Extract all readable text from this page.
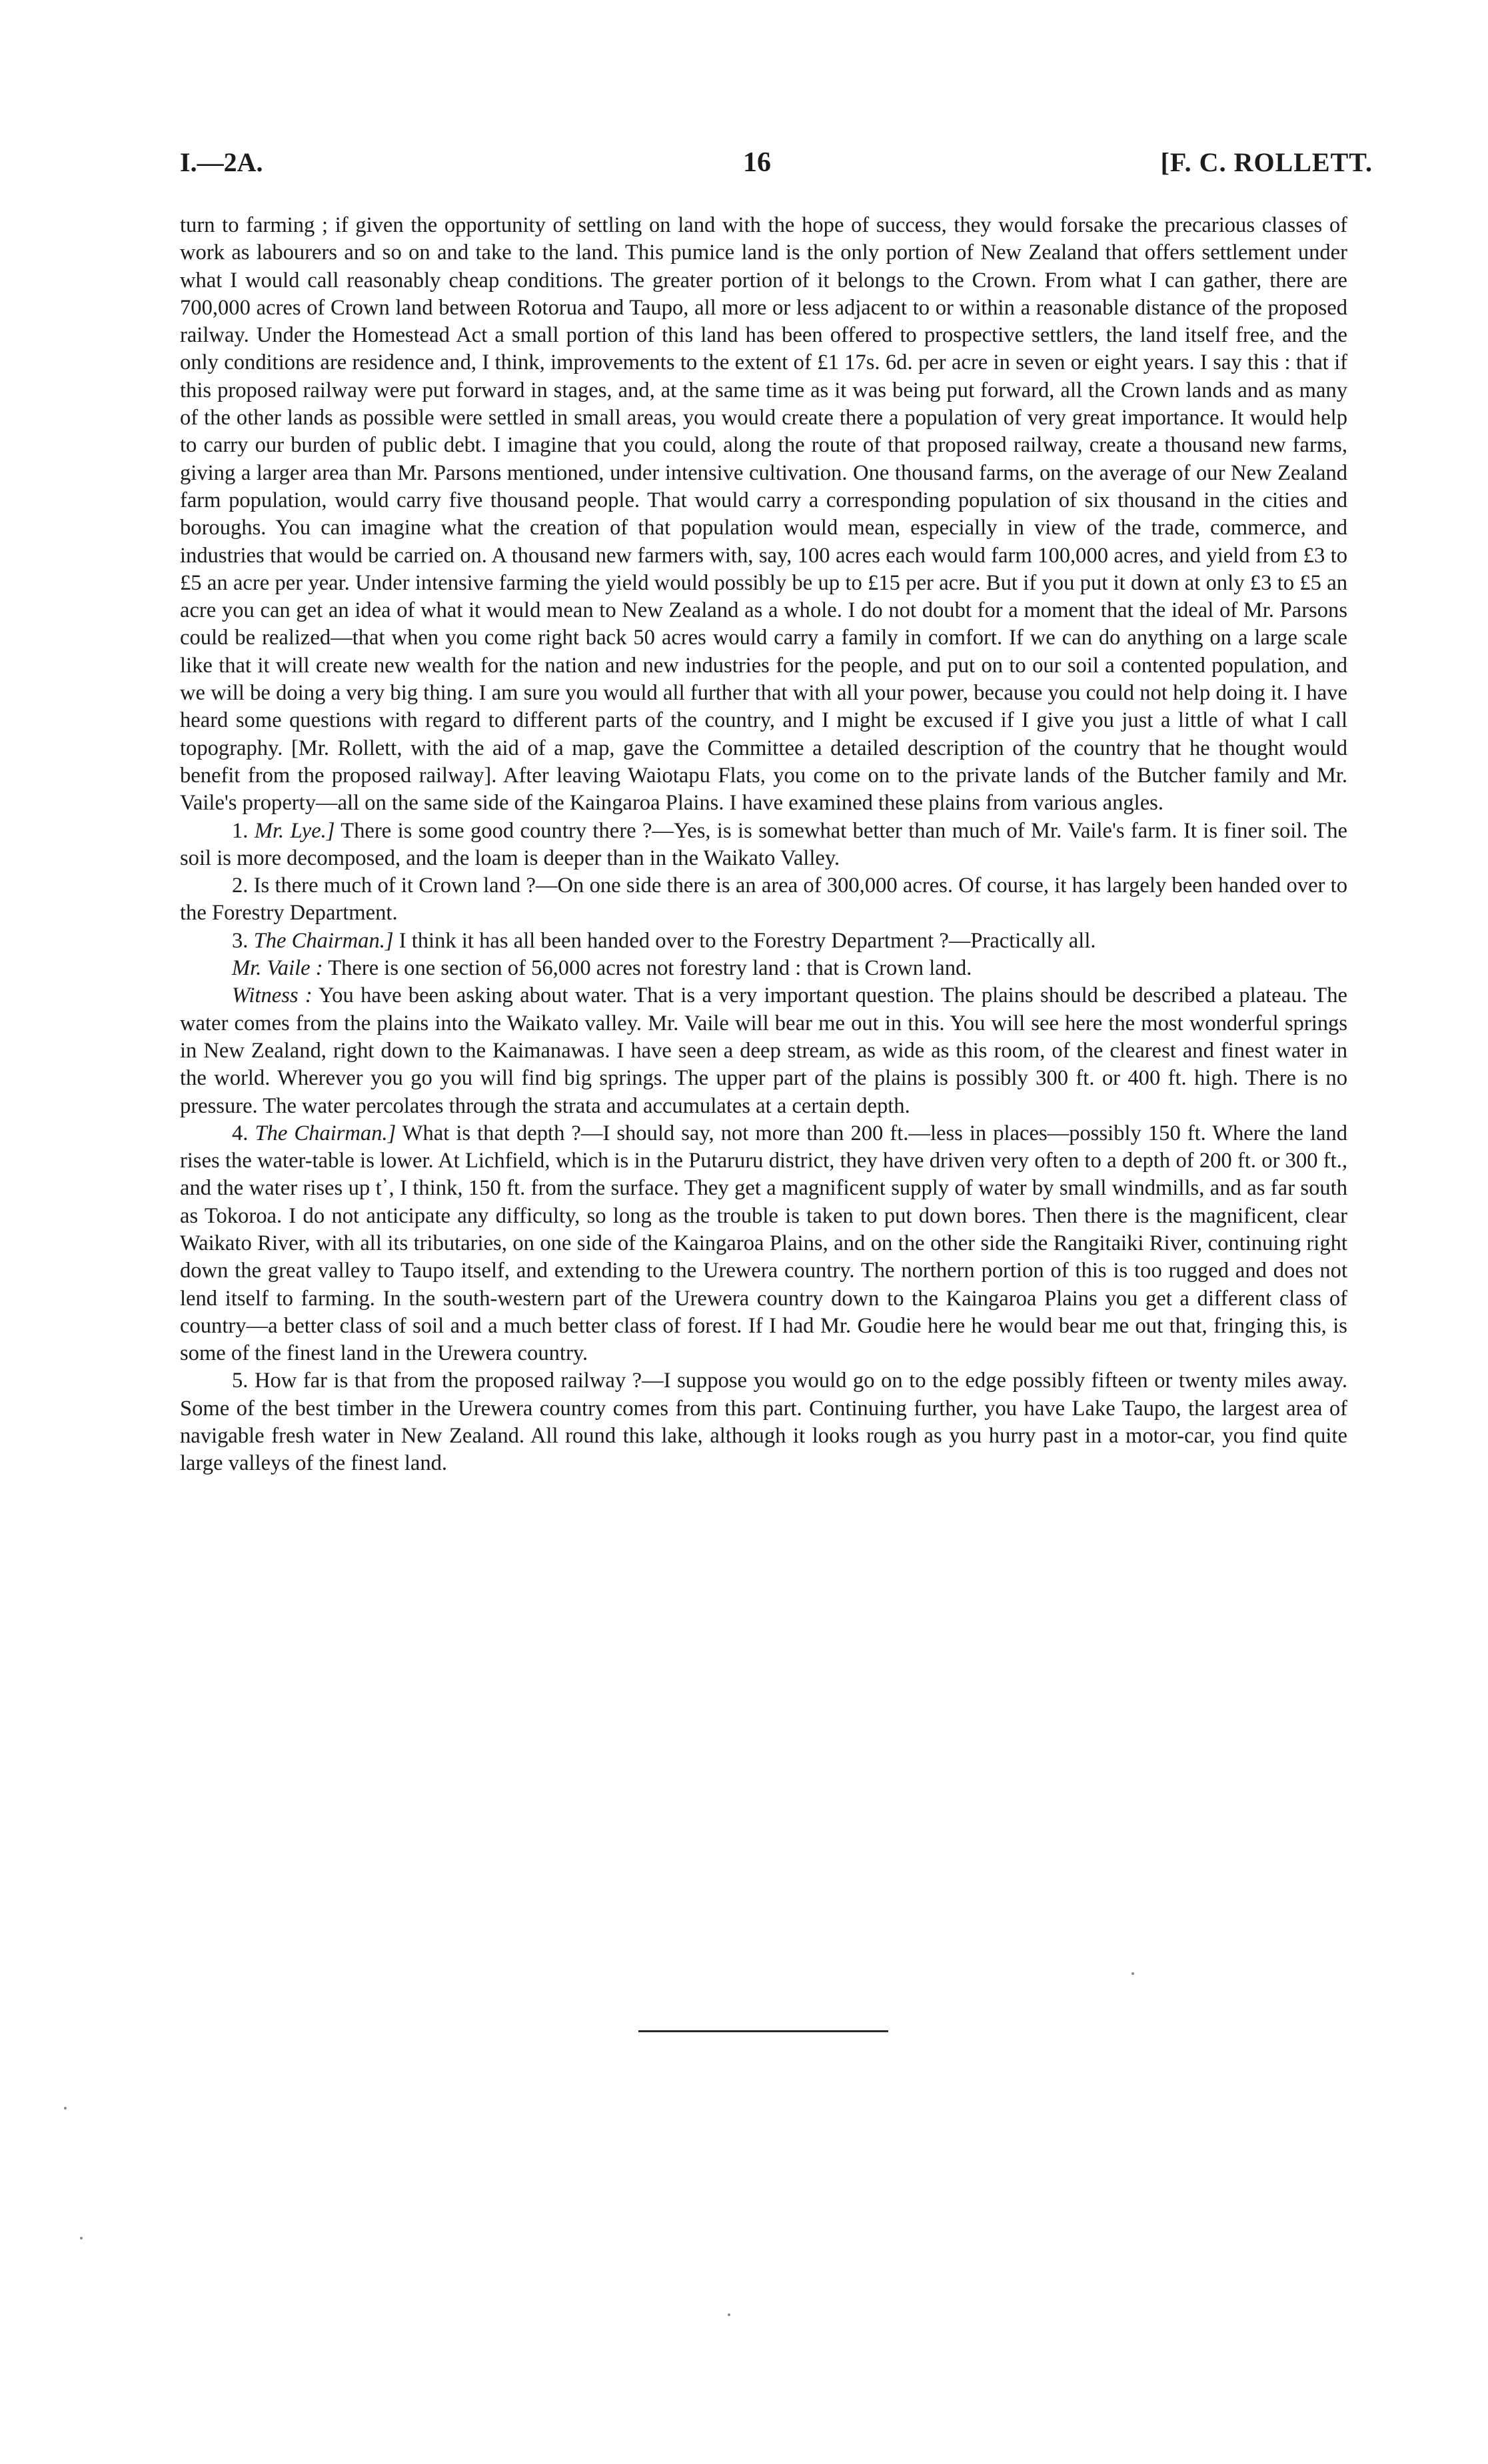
I.—2A.	16	[F. C. ROLLETT.

turn to farming ; if given the opportunity of settling on land with the hope of success, they would forsake the precarious classes of work as labourers and so on and take to the land. This pumice land is the only portion of New Zealand that offers settlement under what I would call reasonably cheap conditions. The greater portion of it belongs to the Crown. From what I can gather, there are 700,000 acres of Crown land between Rotorua and Taupo, all more or less adjacent to or within a reasonable distance of the proposed railway. Under the Homestead Act a small portion of this land has been offered to prospective settlers, the land itself free, and the only conditions are residence and, I think, improvements to the extent of £1 17s. 6d. per acre in seven or eight years. I say this : that if this proposed railway were put forward in stages, and, at the same time as it was being put forward, all the Crown lands and as many of the other lands as possible were settled in small areas, you would create there a population of very great importance. It would help to carry our burden of public debt. I imagine that you could, along the route of that proposed railway, create a thousand new farms, giving a larger area than Mr. Parsons mentioned, under intensive cultivation. One thousand farms, on the average of our New Zealand farm population, would carry five thousand people. That would carry a corresponding population of six thousand in the cities and boroughs. You can imagine what the creation of that population would mean, especially in view of the trade, commerce, and industries that would be carried on. A thousand new farmers with, say, 100 acres each would farm 100,000 acres, and yield from £3 to £5 an acre per year. Under intensive farming the yield would possibly be up to £15 per acre. But if you put it down at only £3 to £5 an acre you can get an idea of what it would mean to New Zealand as a whole. I do not doubt for a moment that the ideal of Mr. Parsons could be realized—that when you come right back 50 acres would carry a family in comfort. If we can do anything on a large scale like that it will create new wealth for the nation and new industries for the people, and put on to our soil a contented population, and we will be doing a very big thing. I am sure you would all further that with all your power, because you could not help doing it. I have heard some questions with regard to different parts of the country, and I might be excused if I give you just a little of what I call topography. [Mr. Rollett, with the aid of a map, gave the Committee a detailed description of the country that he thought would benefit from the proposed railway]. After leaving Waiotapu Flats, you come on to the private lands of the Butcher family and Mr. Vaile's property—all on the same side of the Kaingaroa Plains. I have examined these plains from various angles.

1. Mr. Lye.] There is some good country there ?—Yes, is is somewhat better than much of Mr. Vaile's farm. It is finer soil. The soil is more decomposed, and the loam is deeper than in the Waikato Valley.

2. Is there much of it Crown land ?—On one side there is an area of 300,000 acres. Of course, it has largely been handed over to the Forestry Department.

3. The Chairman.] I think it has all been handed over to the Forestry Department ?—Practically all.

Mr. Vaile : There is one section of 56,000 acres not forestry land : that is Crown land.

Witness : You have been asking about water. That is a very important question. The plains should be described a plateau. The water comes from the plains into the Waikato valley. Mr. Vaile will bear me out in this. You will see here the most wonderful springs in New Zealand, right down to the Kaimanawas. I have seen a deep stream, as wide as this room, of the clearest and finest water in the world. Wherever you go you will find big springs. The upper part of the plains is possibly 300 ft. or 400 ft. high. There is no pressure. The water percolates through the strata and accumulates at a certain depth.

4. The Chairman.] What is that depth ?—I should say, not more than 200 ft.—less in places—possibly 150 ft. Where the land rises the water-table is lower. At Lichfield, which is in the Putaruru district, they have driven very often to a depth of 200 ft. or 300 ft., and the water rises up t᾽, I think, 150 ft. from the surface. They get a magnificent supply of water by small windmills, and as far south as Tokoroa. I do not anticipate any difficulty, so long as the trouble is taken to put down bores. Then there is the magnificent, clear Waikato River, with all its tributaries, on one side of the Kaingaroa Plains, and on the other side the Rangitaiki River, continuing right down the great valley to Taupo itself, and extending to the Urewera country. The northern portion of this is too rugged and does not lend itself to farming. In the south-western part of the Urewera country down to the Kaingaroa Plains you get a different class of country—a better class of soil and a much better class of forest. If I had Mr. Goudie here he would bear me out that, fringing this, is some of the finest land in the Urewera country.

5. How far is that from the proposed railway ?—I suppose you would go on to the edge possibly fifteen or twenty miles away. Some of the best timber in the Urewera country comes from this part. Continuing further, you have Lake Taupo, the largest area of navigable fresh water in New Zealand. All round this lake, although it looks rough as you hurry past in a motor-car, you find quite large valleys of the finest land.
